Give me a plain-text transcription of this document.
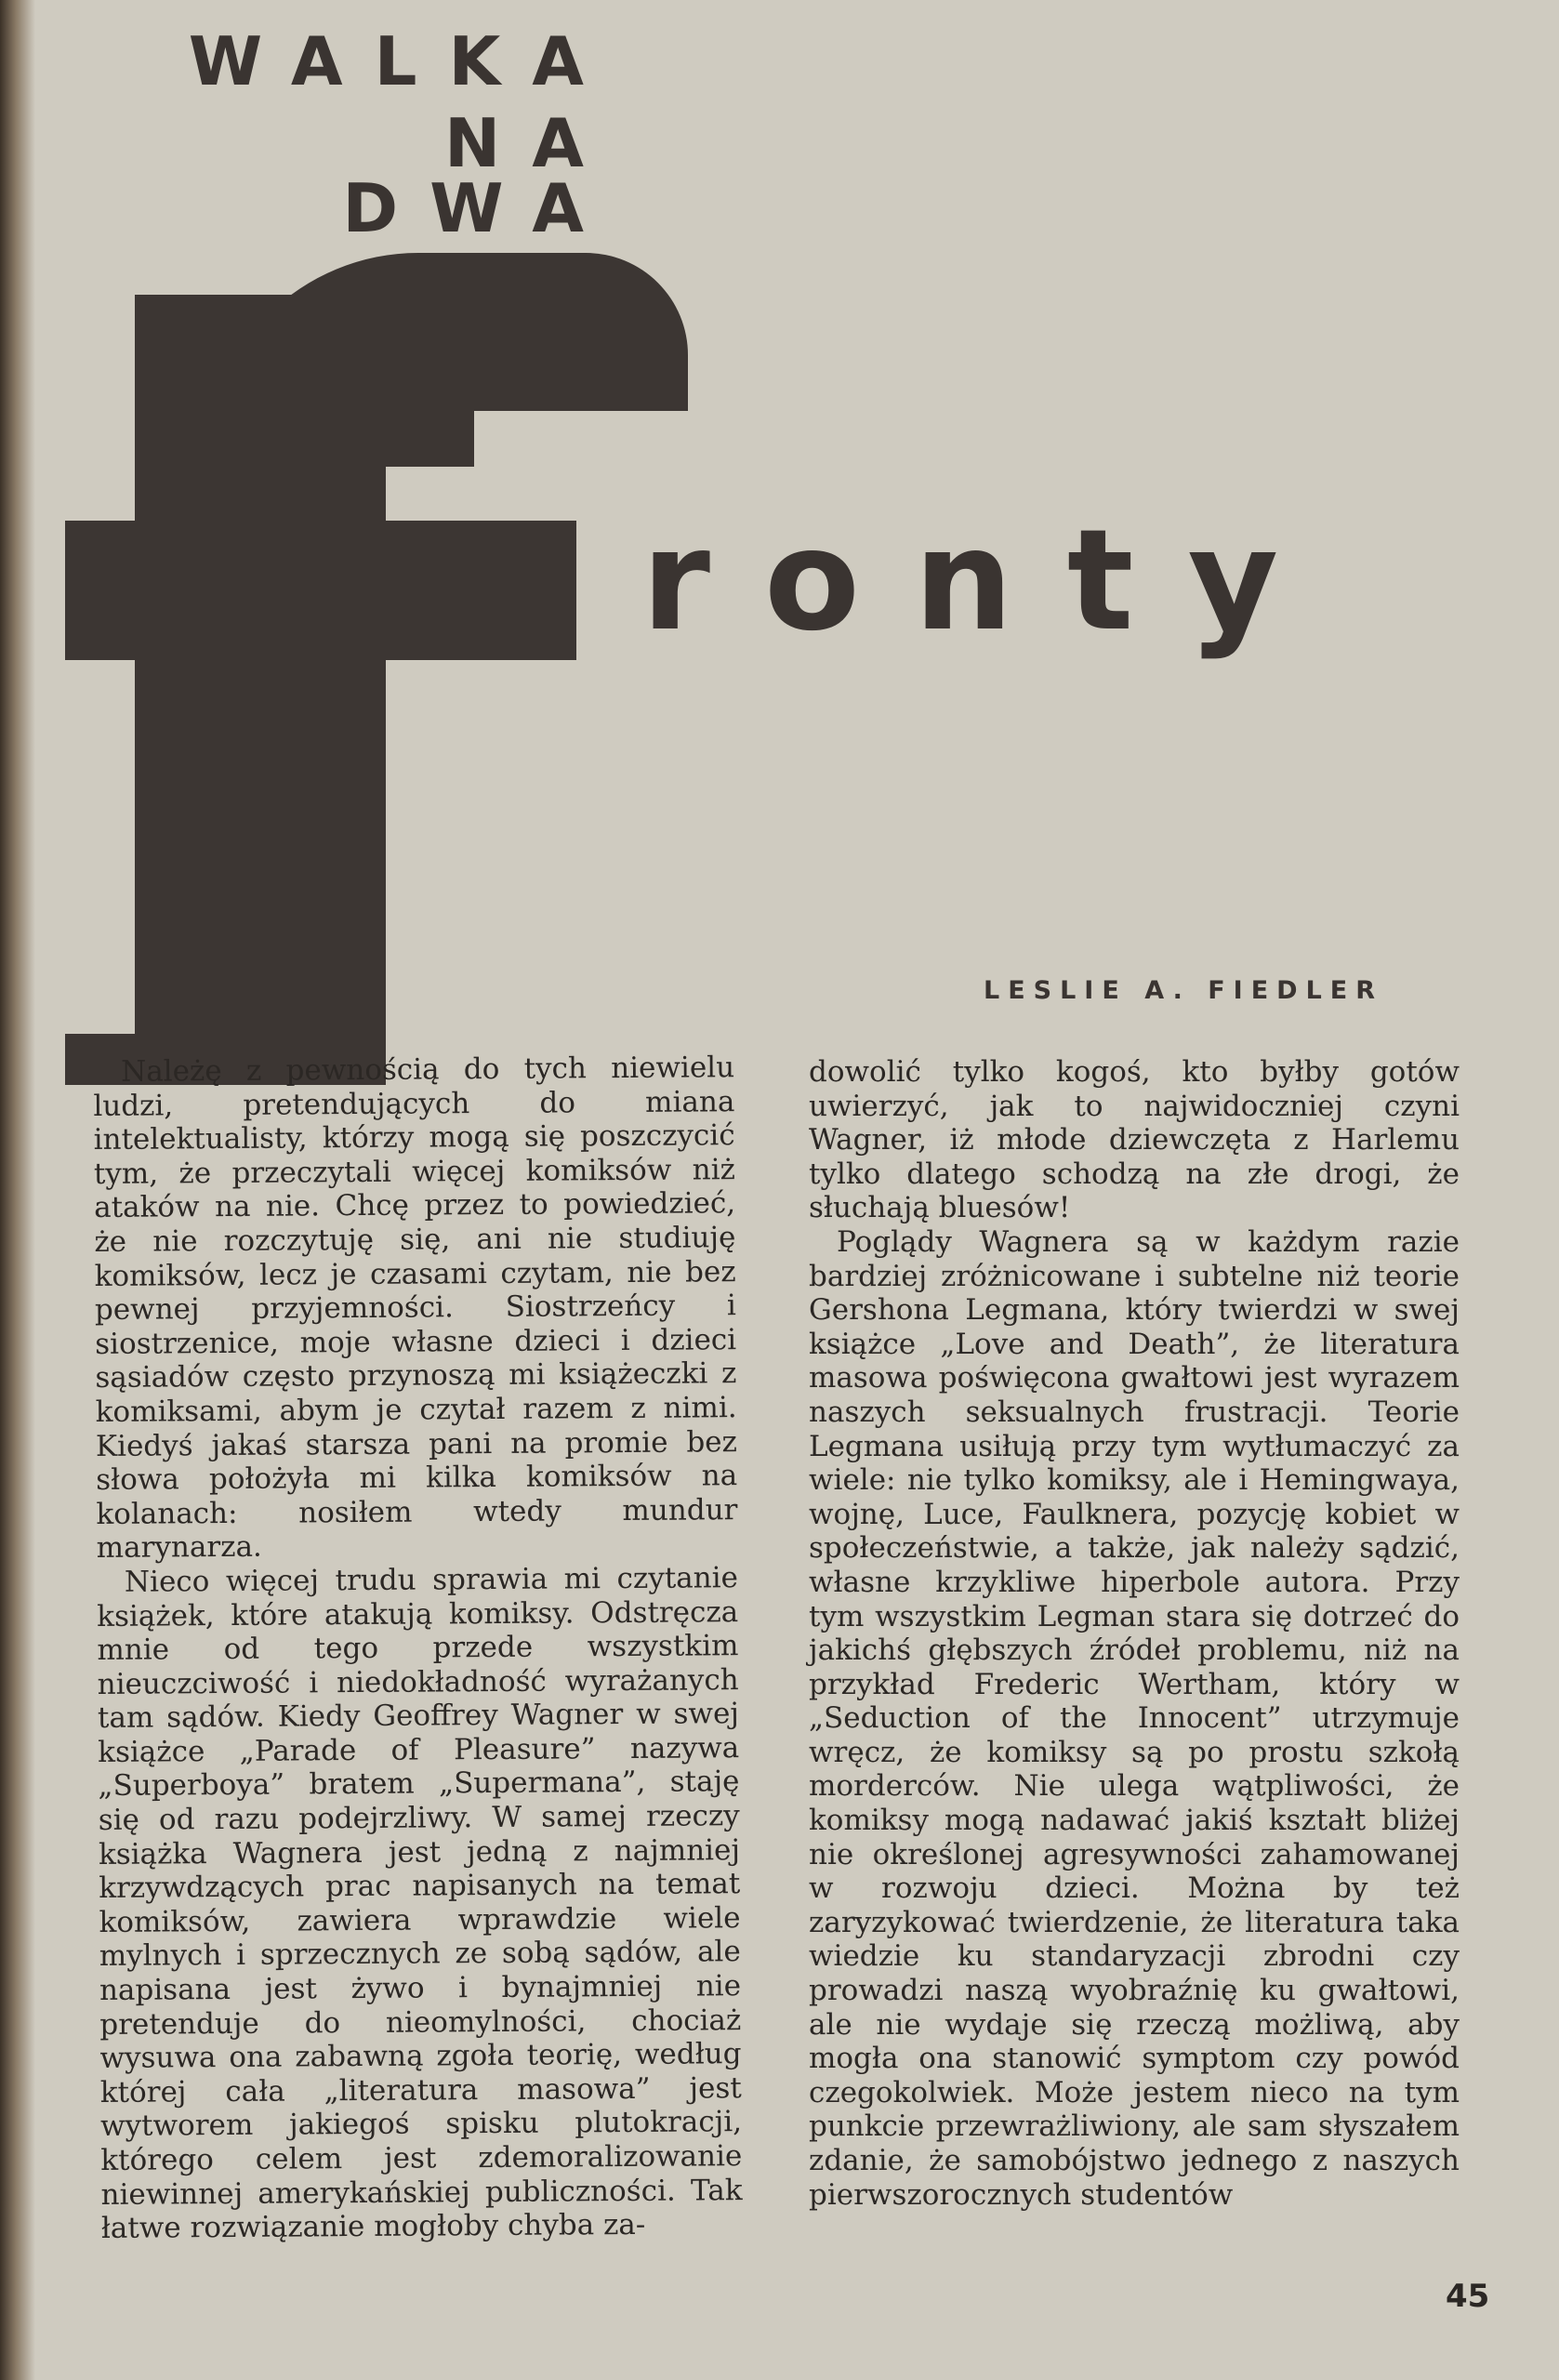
WALKA
NA
DWA
ronty

LESLIE A. FIEDLER

Należę z pewnością do tych niewielu ludzi, pretendujących do miana intelektualisty, którzy mogą się poszczycić tym, że przeczytali więcej komiksów niż ataków na nie. Chcę przez to powiedzieć, że nie rozczytuję się, ani nie studiuję komiksów, lecz je czasami czytam, nie bez pewnej przyjemności. Siostrzeńcy i siostrzenice, moje własne dzieci i dzieci sąsiadów często przynoszą mi książeczki z komiksami, abym je czytał razem z nimi. Kiedyś jakaś starsza pani na promie bez słowa położyła mi kilka komiksów na kolanach: nosiłem wtedy mundur marynarza.

Nieco więcej trudu sprawia mi czytanie książek, które atakują komiksy. Odstręcza mnie od tego przede wszystkim nieuczciwość i niedokładność wyrażanych tam sądów. Kiedy Geoffrey Wagner w swej książce „Parade of Pleasure” nazywa „Superboya” bratem „Supermana”, staję się od razu podejrzliwy. W samej rzeczy książka Wagnera jest jedną z najmniej krzywdzących prac napisanych na temat komiksów, zawiera wprawdzie wiele mylnych i sprzecznych ze sobą sądów, ale napisana jest żywo i bynajmniej nie pretenduje do nieomylności, chociaż wysuwa ona zabawną zgoła teorię, według której cała „literatura masowa” jest wytworem jakiegoś spisku plutokracji, którego celem jest zdemoralizowanie niewinnej amerykańskiej publiczności. Tak łatwe rozwiązanie mogłoby chyba za-

dowolić tylko kogoś, kto byłby gotów uwierzyć, jak to najwidoczniej czyni Wagner, iż młode dziewczęta z Harlemu tylko dlatego schodzą na złe drogi, że słuchają bluesów!

Poglądy Wagnera są w każdym razie bardziej zróżnicowane i subtelne niż teorie Gershona Legmana, który twierdzi w swej książce „Love and Death”, że literatura masowa poświęcona gwałtowi jest wyrazem naszych seksualnych frustracji. Teorie Legmana usiłują przy tym wytłumaczyć za wiele: nie tylko komiksy, ale i Hemingwaya, wojnę, Luce, Faulknera, pozycję kobiet w społeczeństwie, a także, jak należy sądzić, własne krzykliwe hiperbole autora. Przy tym wszystkim Legman stara się dotrzeć do jakichś głębszych źródeł problemu, niż na przykład Frederic Wertham, który w „Seduction of the Innocent” utrzymuje wręcz, że komiksy są po prostu szkołą morderców. Nie ulega wątpliwości, że komiksy mogą nadawać jakiś kształt bliżej nie określonej agresywności zahamowanej w rozwoju dzieci. Można by też zaryzykować twierdzenie, że literatura taka wiedzie ku standaryzacji zbrodni czy prowadzi naszą wyobraźnię ku gwałtowi, ale nie wydaje się rzeczą możliwą, aby mogła ona stanowić symptom czy powód czegokolwiek. Może jestem nieco na tym punkcie przewrażliwiony, ale sam słyszałem zdanie, że samobójstwo jednego z naszych pierwszorocznych studentów

45
